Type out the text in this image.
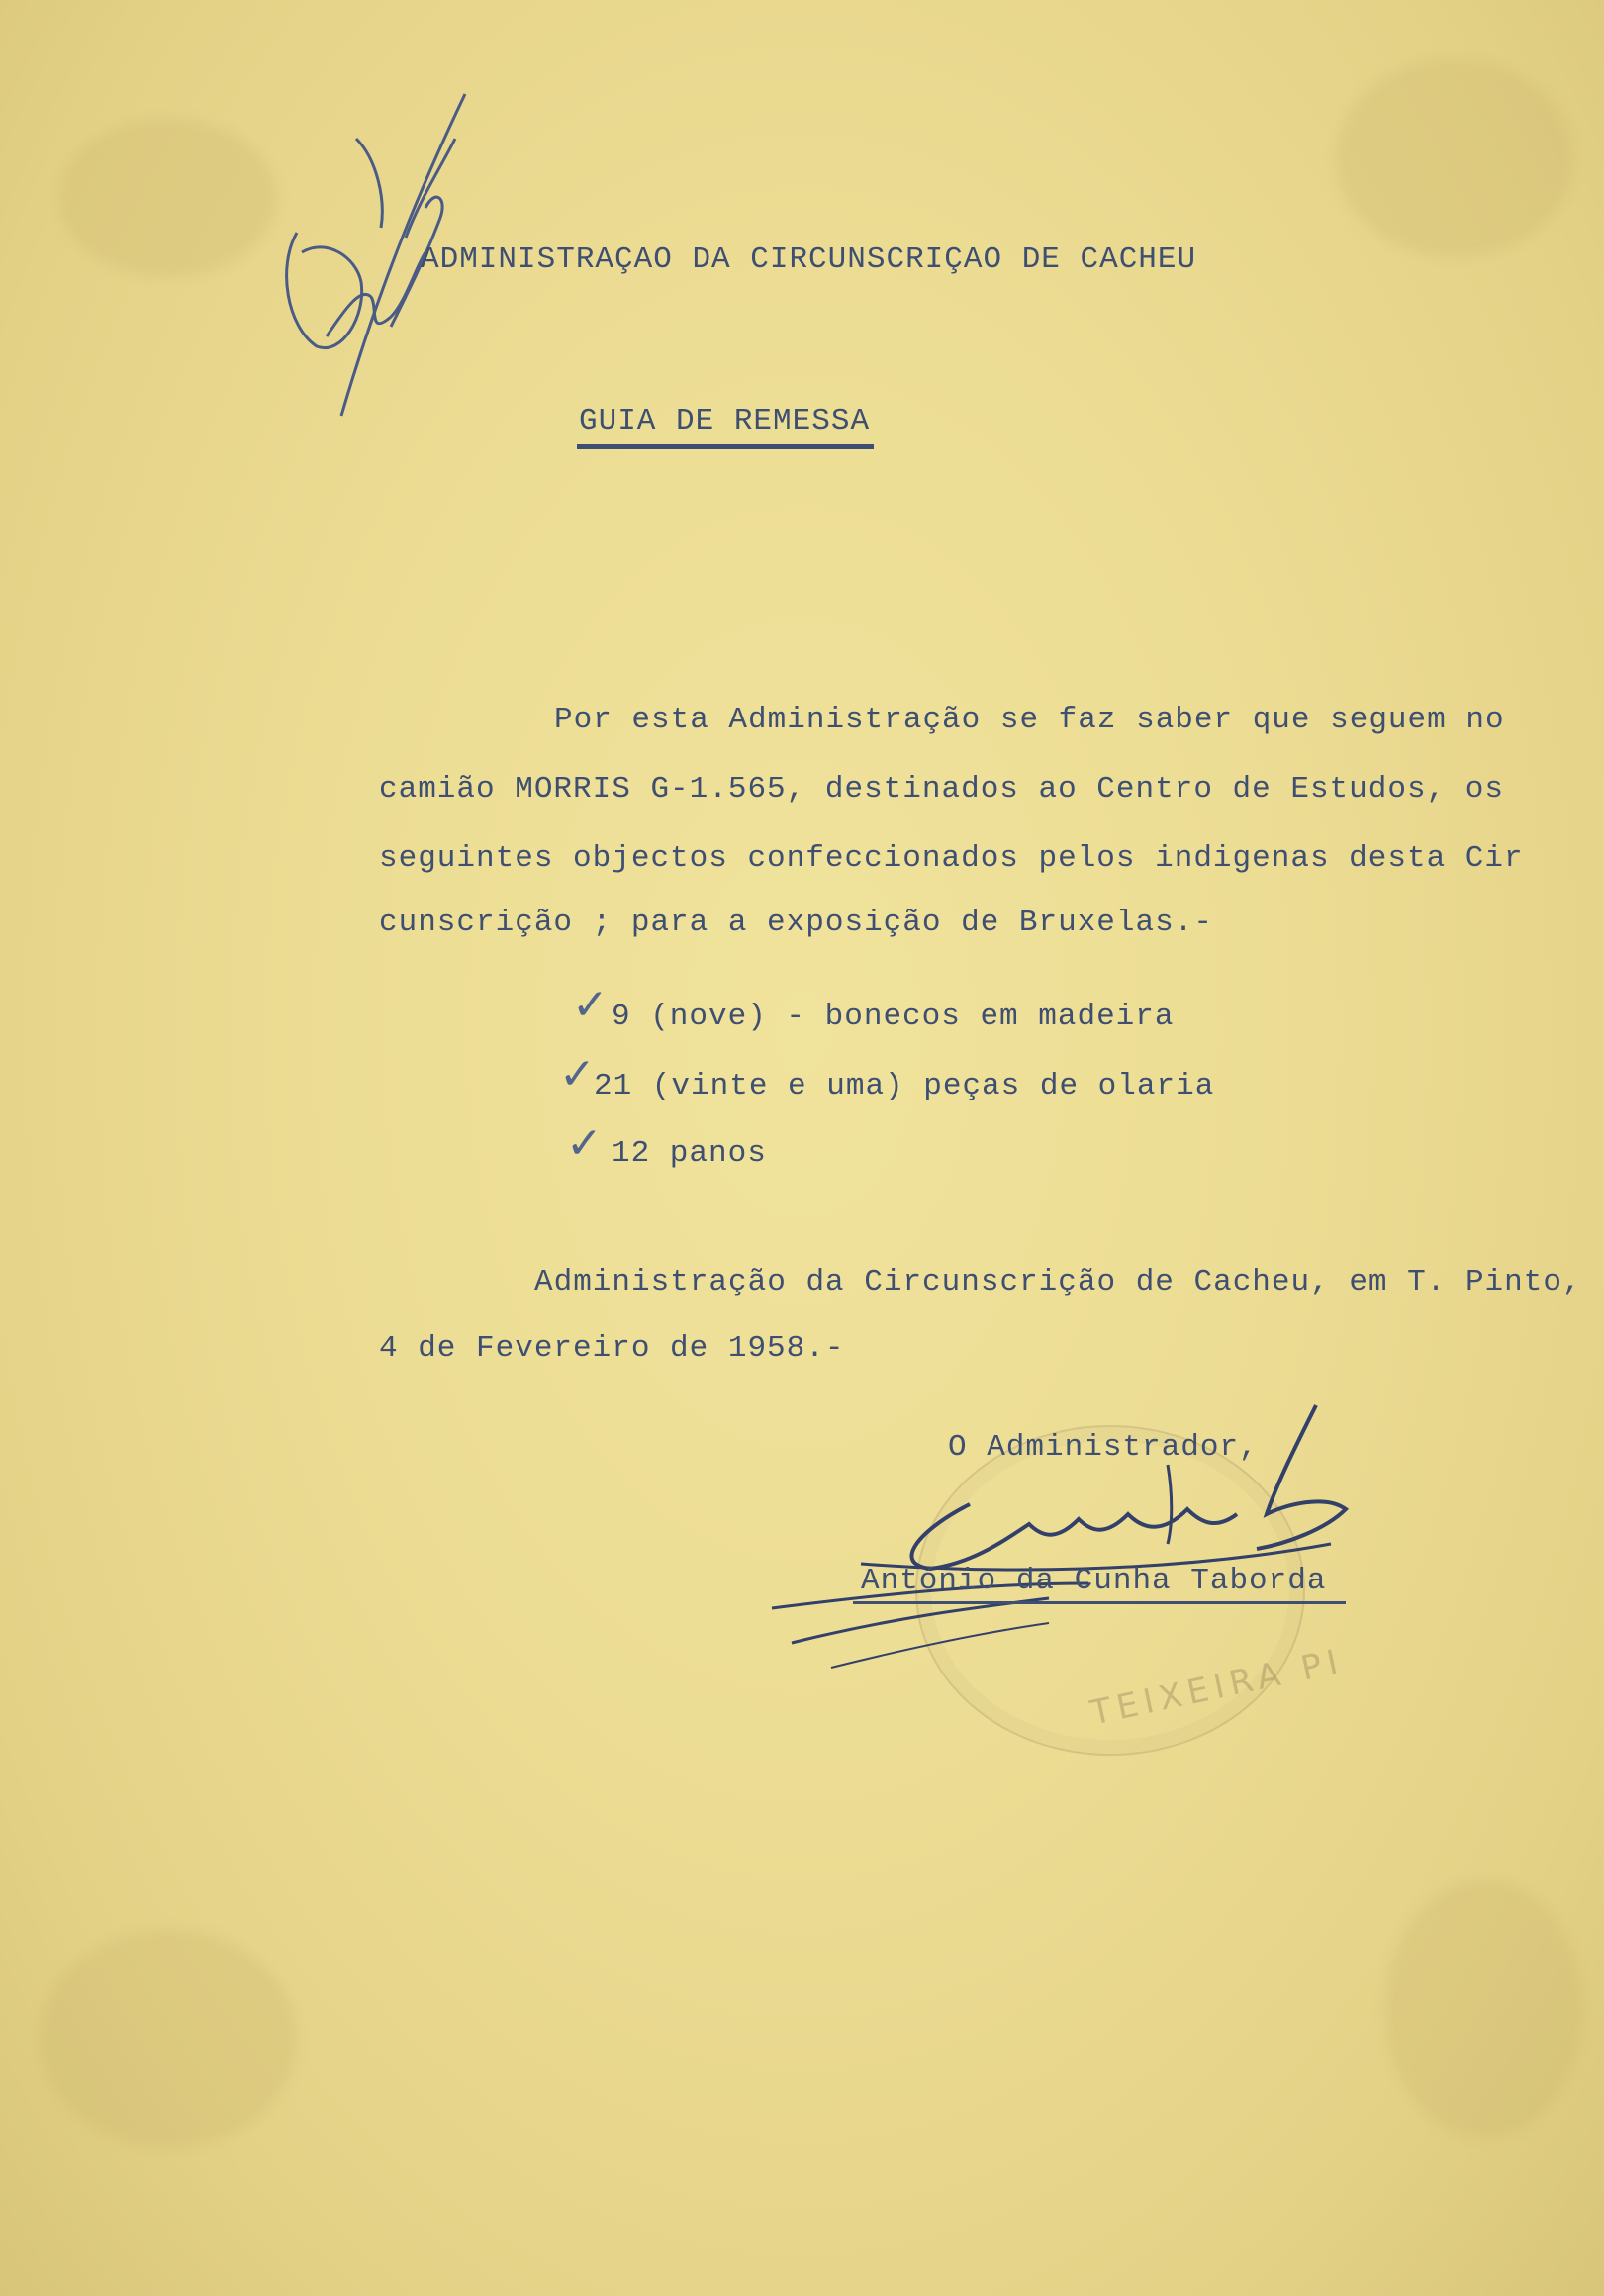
Original
ADMINISTRAÇAO DA CIRCUNSCRIÇAO DE CACHEU
GUIA DE REMESSA
Por esta Administração se faz saber que seguem no
camião MORRIS G-1.565, destinados ao Centro de Estudos, os
seguintes objectos confeccionados pelos indigenas desta Cir
cunscrição ; para a exposição de Bruxelas.-
✓ 9 (nove) - bonecos em madeira
✓
21 (vinte e uma) peças de olaria
✓ 12 panos
Administração da Circunscrição de Cacheu, em T. Pinto,
4 de Fevereiro de 1958.-
TEIXEIRA PI
O Administrador,
António da Cunha Taborda
